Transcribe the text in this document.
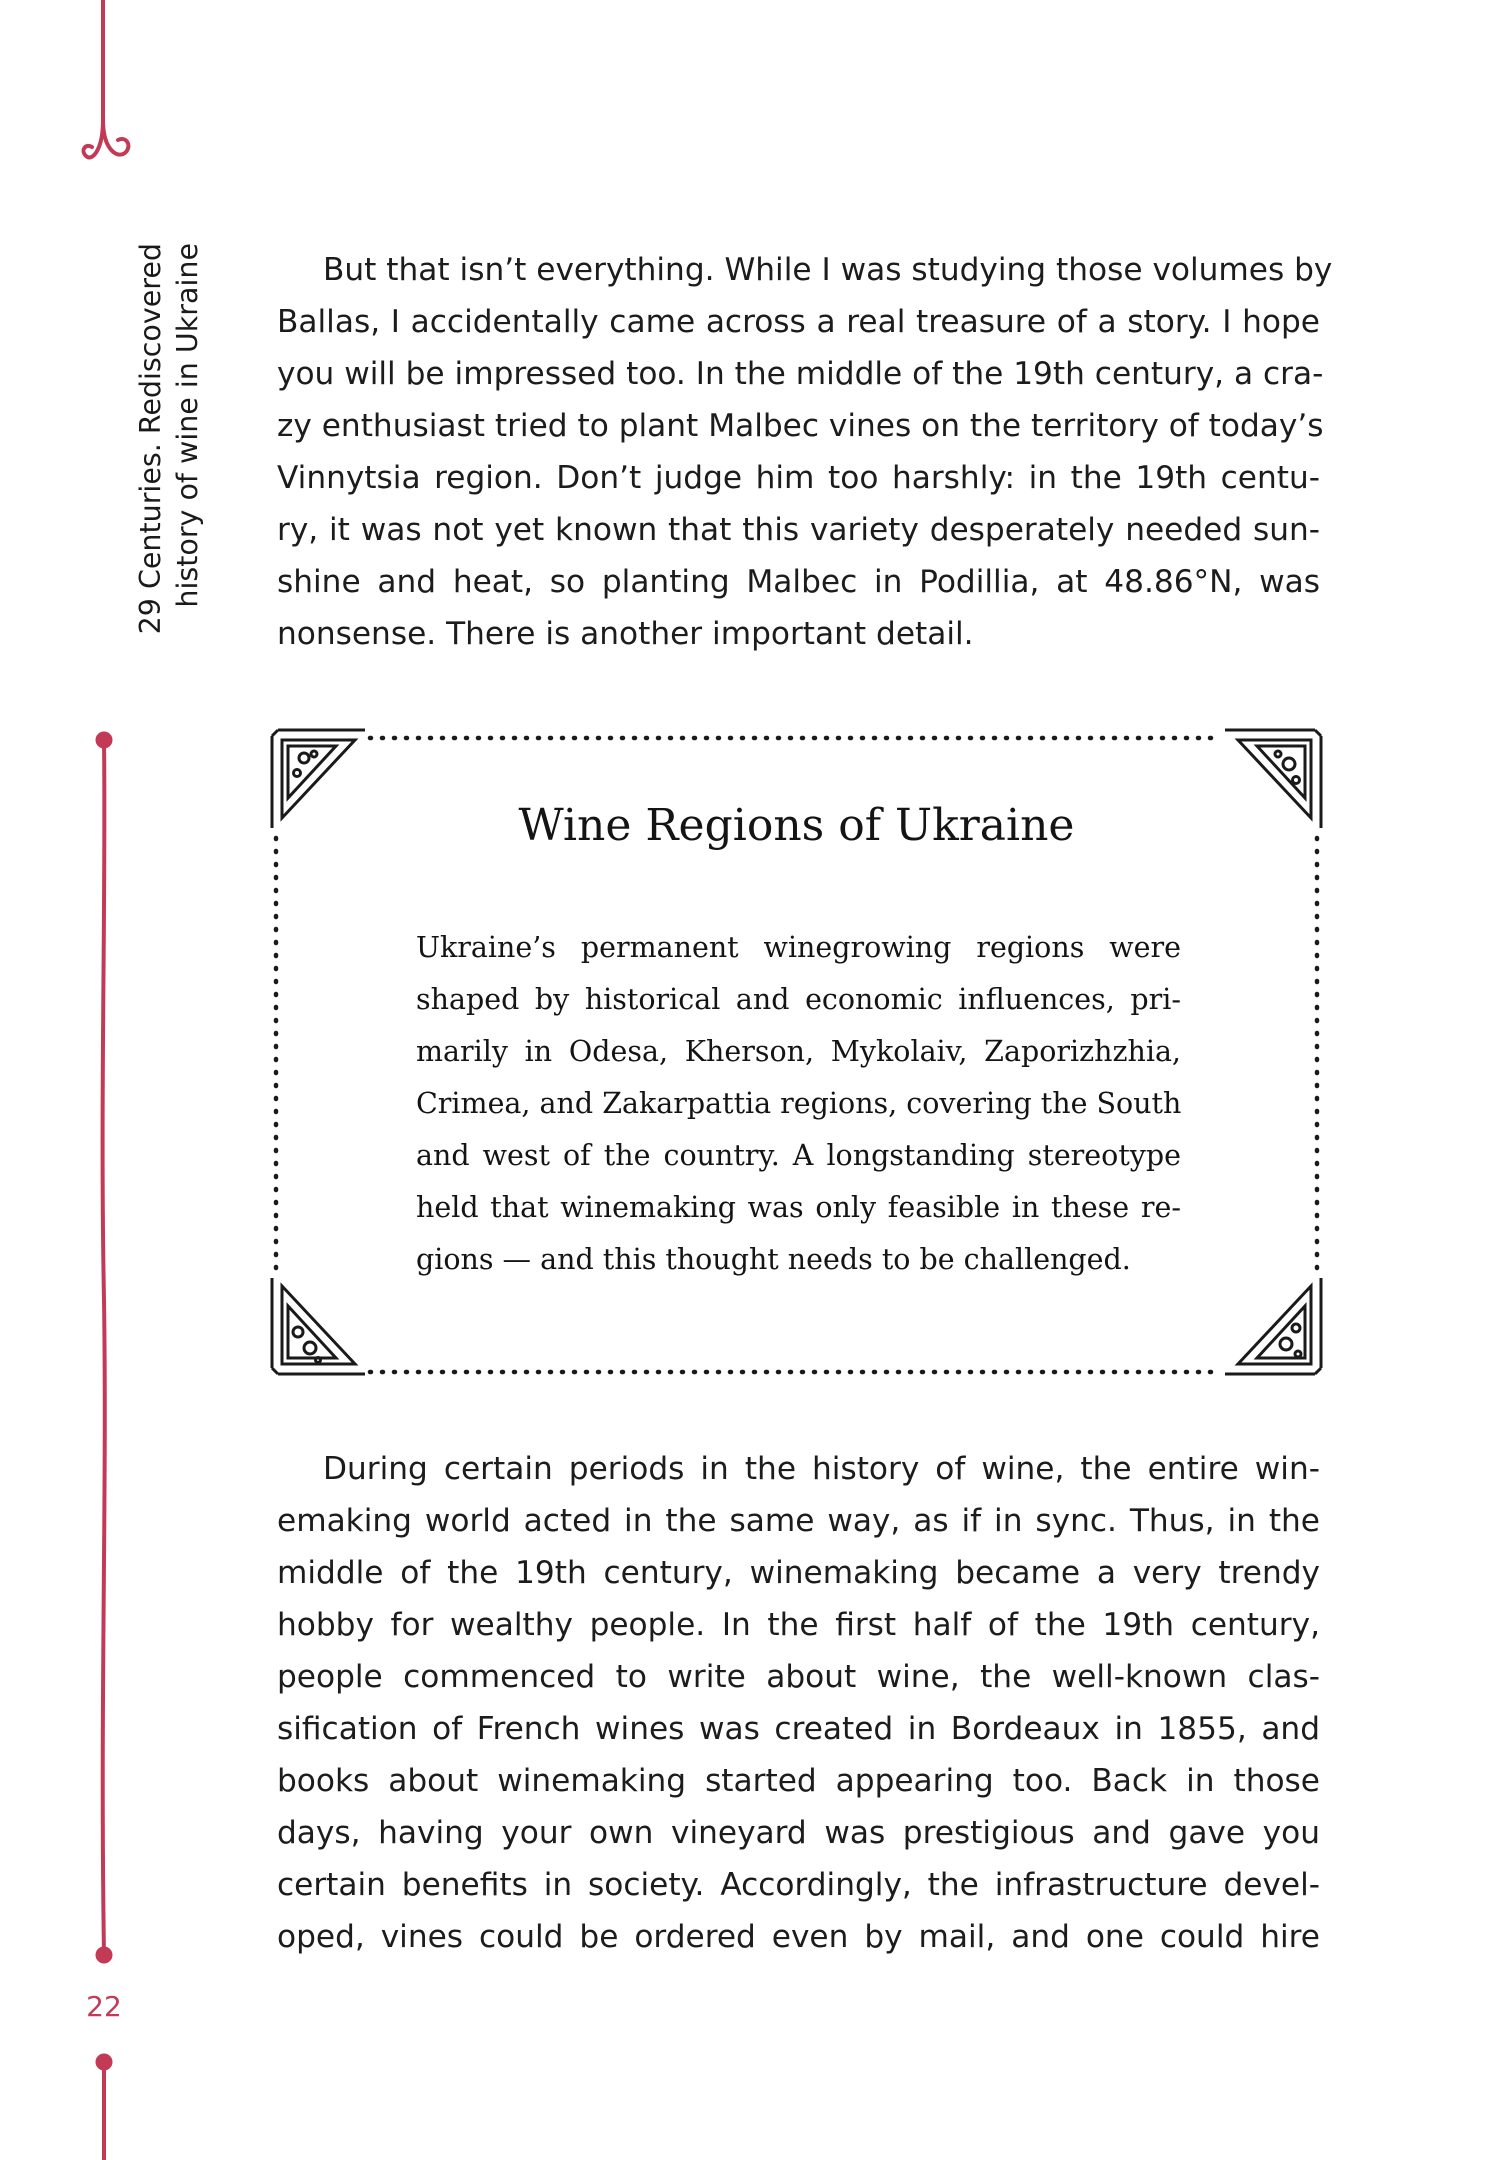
29 Centuries. Rediscovered history of wine in Ukraine
22
But that isn’t everything. While I was studying those volumes by
Ballas, I accidentally came across a real treasure of a story. I hope
you will be impressed too. In the middle of the 19th century, a cra-
zy enthusiast tried to plant Malbec vines on the territory of today’s
Vinnytsia region. Don’t judge him too harshly: in the 19th centu-
ry, it was not yet known that this variety desperately needed sun-
shine and heat, so planting Malbec in Podillia, at 48.86°N, was
nonsense. There is another important detail.
Wine Regions of Ukraine
Ukraine’s permanent winegrowing regions were
shaped by historical and economic influences, pri-
marily in Odesa, Kherson, Mykolaiv, Zaporizhzhia,
Crimea, and Zakarpattia regions, covering the South
and west of the country. A longstanding stereotype
held that winemaking was only feasible in these re-
gions — and this thought needs to be challenged.
During certain periods in the history of wine, the entire win-
emaking world acted in the same way, as if in sync. Thus, in the
middle of the 19th century, winemaking became a very trendy
hobby for wealthy people. In the first half of the 19th century,
people commenced to write about wine, the well-known clas-
sification of French wines was created in Bordeaux in 1855, and
books about winemaking started appearing too. Back in those
days, having your own vineyard was prestigious and gave you
certain benefits in society. Accordingly, the infrastructure devel-
oped, vines could be ordered even by mail, and one could hire
